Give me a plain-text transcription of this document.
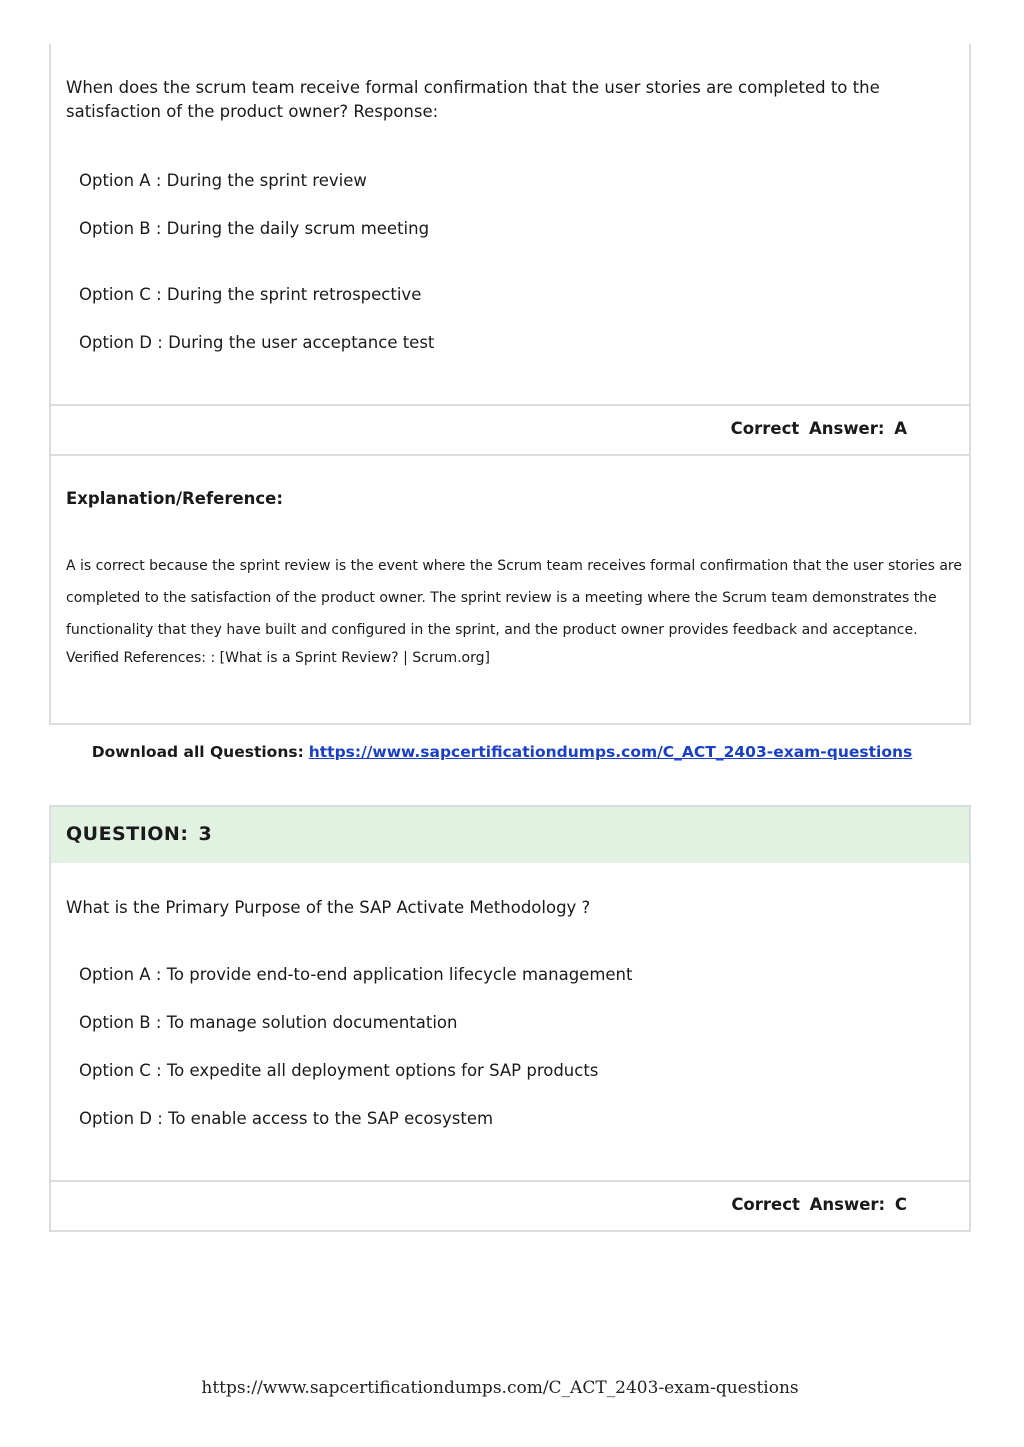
When does the scrum team receive formal confirmation that the user stories are completed to the satisfaction of the product owner? Response:
Option A : During the sprint review
Option B : During the daily scrum meeting
Option C : During the sprint retrospective
Option D : During the user acceptance test
Correct Answer: A
Explanation/Reference:

A is correct because the sprint review is the event where the Scrum team receives formal confirmation that the user stories are completed to the satisfaction of the product owner. The sprint review is a meeting where the Scrum team demonstrates the functionality that they have built and configured in the sprint, and the product owner provides feedback and acceptance.

Verified References: : [What is a Sprint Review? | Scrum.org]

Download all Questions: https://www.sapcertificationdumps.com/C_ACT_2403-exam-questions
QUESTION: 3
What is the Primary Purpose of the SAP Activate Methodology ?
Option A : To provide end-to-end application lifecycle management
Option B : To manage solution documentation
Option C : To expedite all deployment options for SAP products
Option D : To enable access to the SAP ecosystem
Correct Answer: C
https://www.sapcertificationdumps.com/C_ACT_2403-exam-questions
